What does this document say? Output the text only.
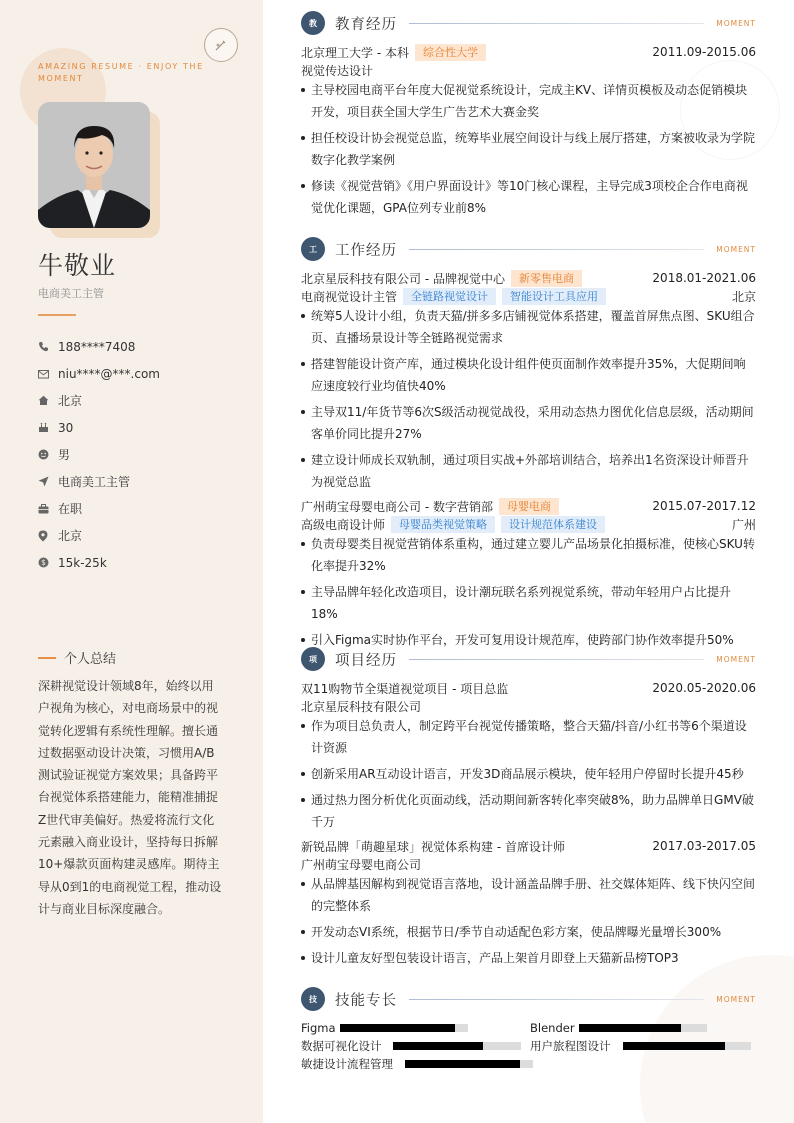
AMAZING RESUME · ENJOY THE MOMENT
牛敬业
电商美工主管
188****7408
niu****@***.com
北京
30
男
电商美工主管
在职
北京
$ 15k-25k
个人总结
深耕视觉设计领域8年，始终以用户视角为核心，对电商场景中的视觉转化逻辑有系统性理解。擅长通过数据驱动设计决策，习惯用A/B测试验证视觉方案效果；具备跨平台视觉体系搭建能力，能精准捕捉Z世代审美偏好。热爱将流行文化元素融入商业设计，坚持每日拆解10+爆款页面构建灵感库。期待主导从0到1的电商视觉工程，推动设计与商业目标深度融合。
教	教育经历	MOMENT
北京理工大学 - 本科	综合性大学	2011.09-2015.06
视觉传达设计
主导校园电商平台年度大促视觉系统设计，完成主KV、详情页模板及动态促销模块开发，项目获全国大学生广告艺术大赛金奖
担任校设计协会视觉总监，统筹毕业展空间设计与线上展厅搭建，方案被收录为学院数字化教学案例
修读《视觉营销》《用户界面设计》等10门核心课程，主导完成3项校企合作电商视觉优化课题，GPA位列专业前8%
工	工作经历	MOMENT
北京星辰科技有限公司 - 品牌视觉中心	新零售电商	2018.01-2021.06
电商视觉设计主管	全链路视觉设计	智能设计工具应用	北京
统筹5人设计小组，负责天猫/拼多多店铺视觉体系搭建，覆盖首屏焦点图、SKU组合页、直播场景设计等全链路视觉需求
搭建智能设计资产库，通过模块化设计组件使页面制作效率提升35%，大促期间响应速度较行业均值快40%
主导双11/年货节等6次S级活动视觉战役，采用动态热力图优化信息层级，活动期间客单价同比提升27%
建立设计师成长双轨制，通过项目实战+外部培训结合，培养出1名资深设计师晋升为视觉总监
广州萌宝母婴电商公司 - 数字营销部	母婴电商	2015.07-2017.12
高级电商设计师	母婴品类视觉策略	设计规范体系建设	广州
负责母婴类目视觉营销体系重构，通过建立婴儿产品场景化拍摄标准，使核心SKU转化率提升32%
主导品牌年轻化改造项目，设计潮玩联名系列视觉系统，带动年轻用户占比提升18%
引入Figma实时协作平台，开发可复用设计规范库，使跨部门协作效率提升50%
项	项目经历	MOMENT
双11购物节全渠道视觉项目 - 项目总监	2020.05-2020.06
北京星辰科技有限公司
作为项目总负责人，制定跨平台视觉传播策略，整合天猫/抖音/小红书等6个渠道设计资源
创新采用AR互动设计语言，开发3D商品展示模块，使年轻用户停留时长提升45秒
通过热力图分析优化页面动线，活动期间新客转化率突破8%，助力品牌单日GMV破千万
新锐品牌「萌趣星球」视觉体系构建 - 首席设计师	2017.03-2017.05
广州萌宝母婴电商公司
从品牌基因解构到视觉语言落地，设计涵盖品牌手册、社交媒体矩阵、线下快闪空间的完整体系
开发动态VI系统，根据节日/季节自动适配色彩方案，使品牌曝光量增长300%
设计儿童友好型包装设计语言，产品上架首月即登上天猫新品榜TOP3
技	技能专长	MOMENT
Figma	Blender
数据可视化设计	用户旅程图设计
敏捷设计流程管理
